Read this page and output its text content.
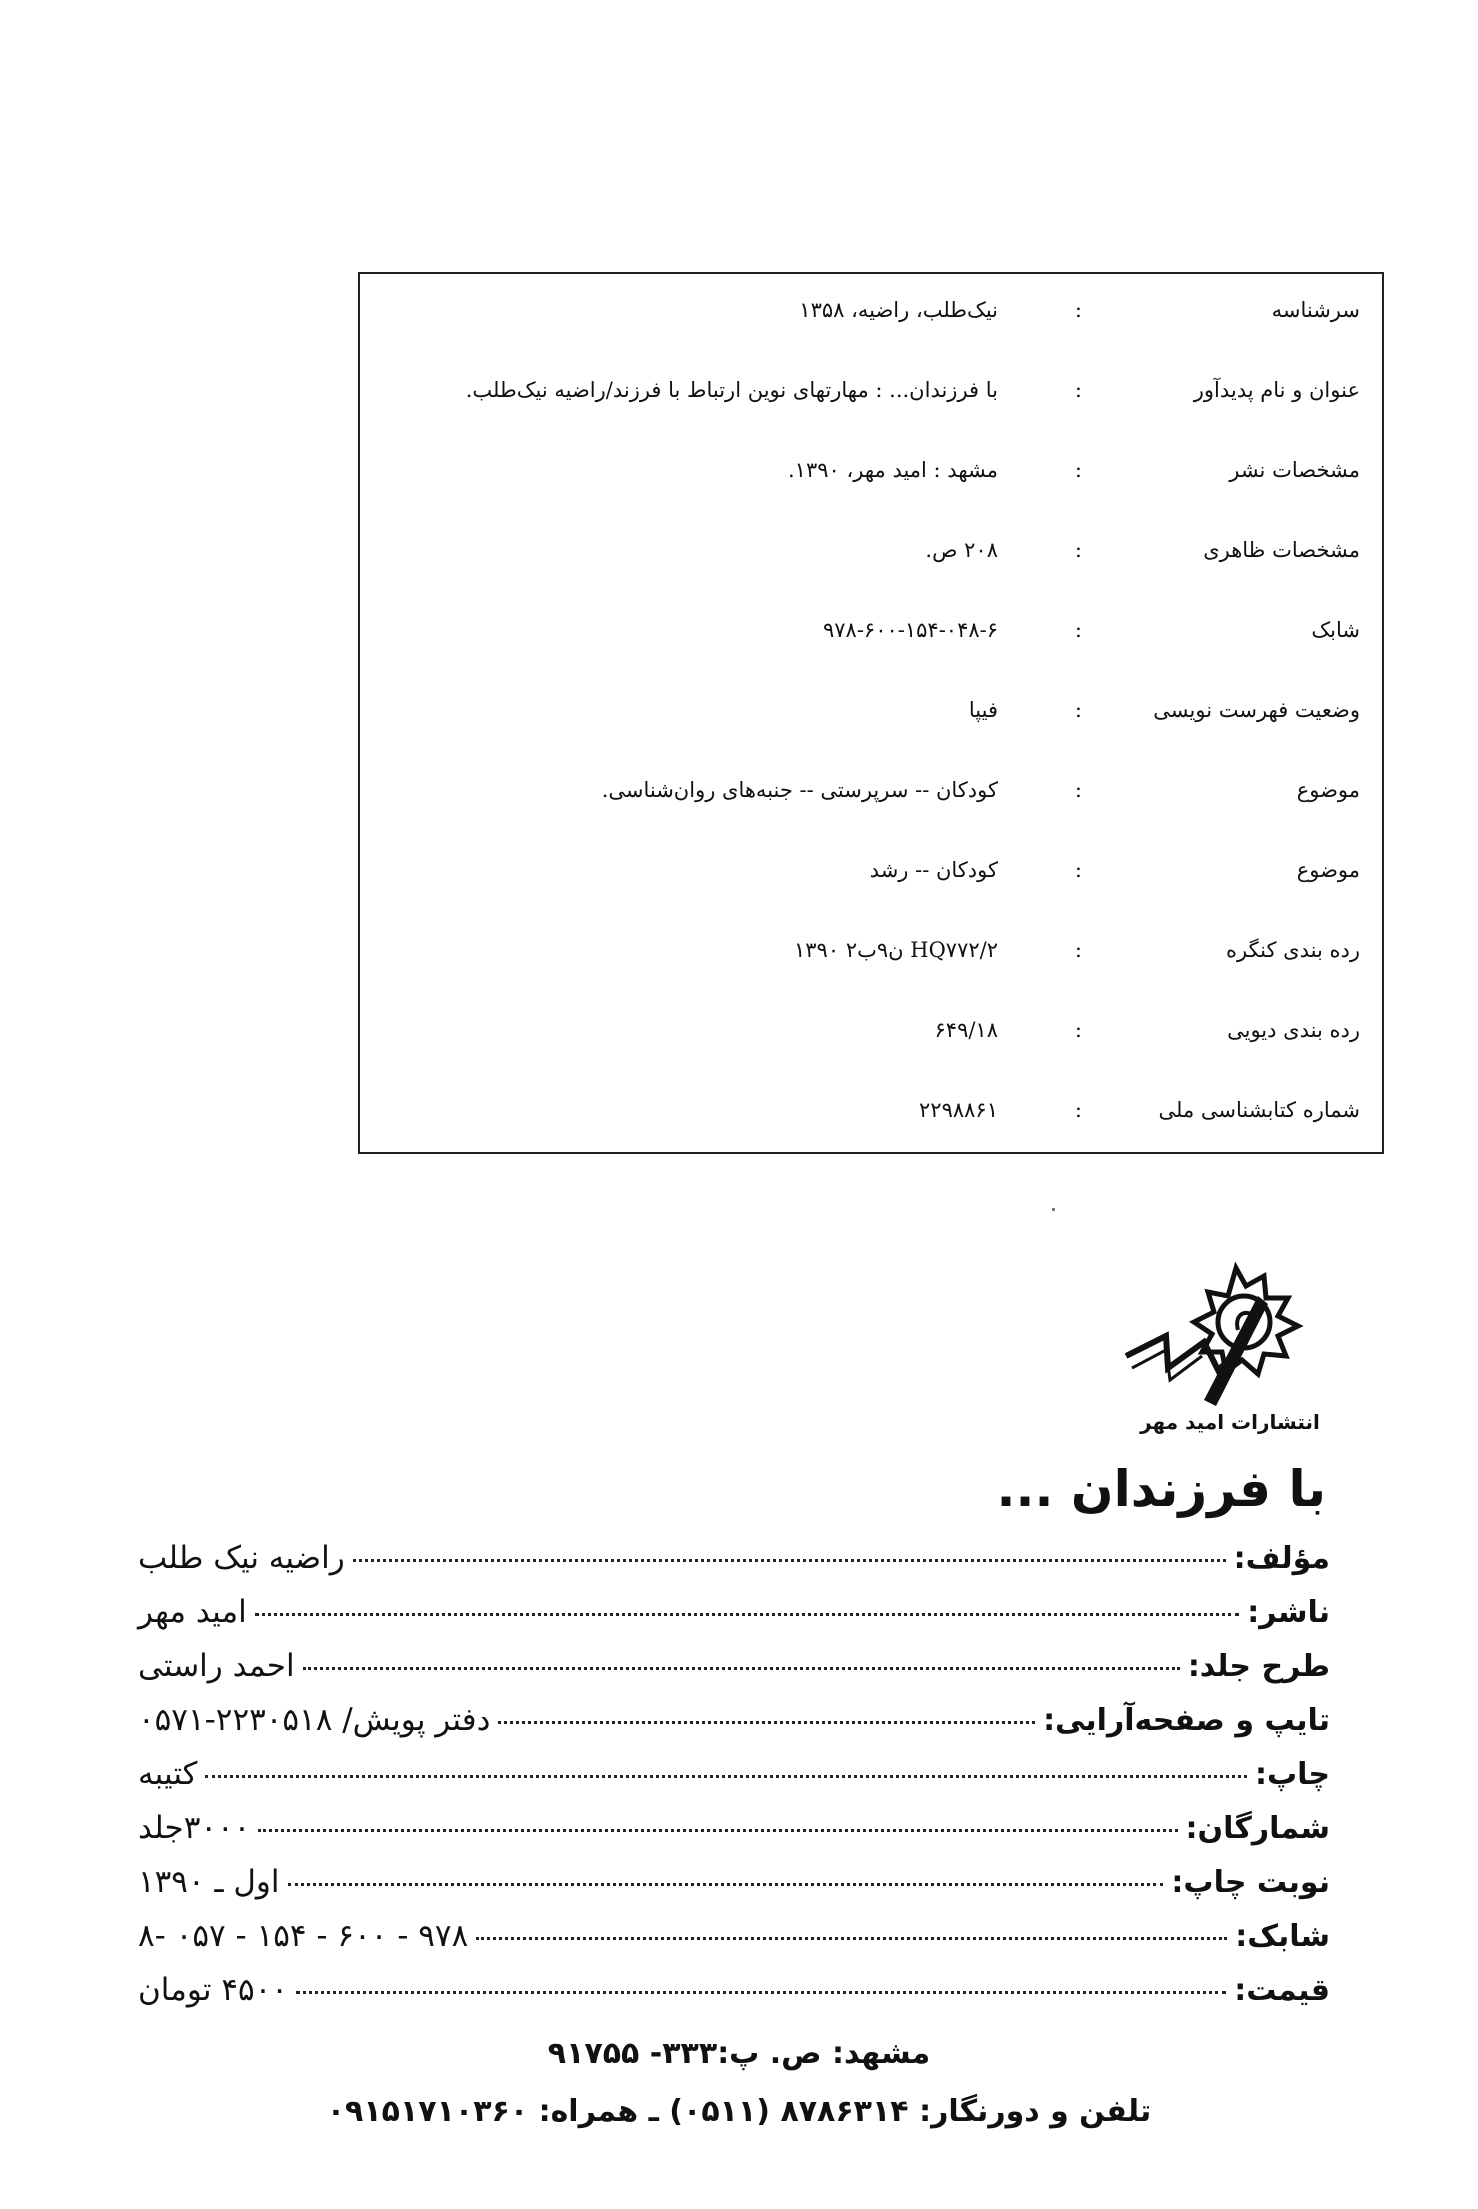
سرشناسه
:
نیک‌طلب، راضیه، ۱۳۵۸
عنوان و نام پدیدآور
:
با فرزندان... : مهارتهای نوین ارتباط با فرزند/راضیه نیک‌طلب.
مشخصات نشر
:
مشهد : امید مهر، ۱۳۹۰.
مشخصات ظاهری
:
۲۰۸ ص.
شابک
:
۹۷۸-۶۰۰-۱۵۴-۰۴۸-۶
وضعیت فهرست نویسی
:
فیپا
موضوع
:
کودکان -- سرپرستی -- جنبه‌های روان‌شناسی.
موضوع
:
کودکان -- رشد
رده بندی کنگره
:
HQ۷۷۲/۲ ن۹ب۲ ۱۳۹۰
رده بندی دیویی
:
۶۴۹/۱۸
شماره کتابشناسی ملی
:
۲۲۹۸۸۶۱
انتشارات امید مهر
با فرزندان ...
مؤلف:
راضیه نیک طلب
ناشر:
امید مهر
طرح جلد:
احمد راستی
تایپ و صفحه‌آرایی:
دفتر پویش/ ۲۲۳۰۵۱۸-۰۵۷۱
چاپ:
کتیبه
شمارگان:
۳۰۰۰جلد
نوبت چاپ:
اول ـ ۱۳۹۰
شابک:
۹۷۸ - ۶۰۰ - ۱۵۴ - ۰۵۷ -۸
قیمت:
۴۵۰۰ تومان
مشهد: ص. پ:۳۳۳- ۹۱۷۵۵
تلفن و دورنگار: ۸۷۸۶۳۱۴ (۰۵۱۱) ـ همراه: ۰۹۱۵۱۷۱۰۳۶۰
